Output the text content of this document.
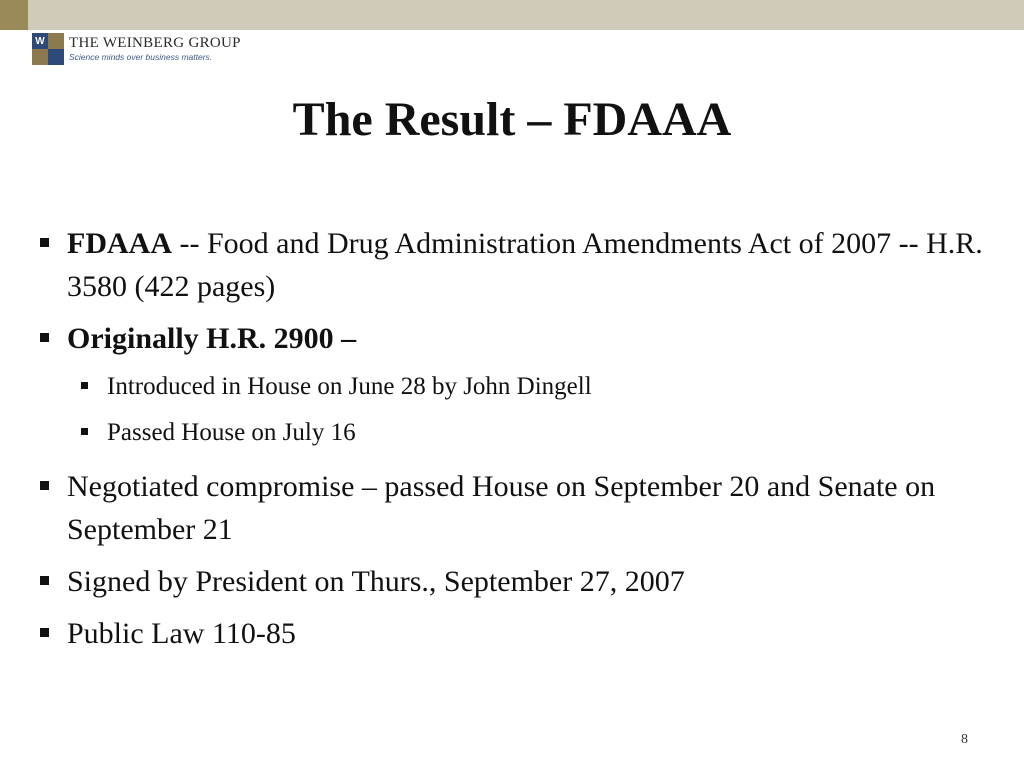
W THE WEINBERG GROUP
Science minds over business matters.
The Result – FDAAA
FDAAA -- Food and Drug Administration Amendments Act of 2007 -- H.R. 3580 (422 pages)
Originally H.R. 2900 –
Introduced in House on June 28 by John Dingell
Passed House on July 16
Negotiated compromise – passed House on September 20 and Senate on September 21
Signed by President on Thurs., September 27, 2007
Public Law 110-85
8
